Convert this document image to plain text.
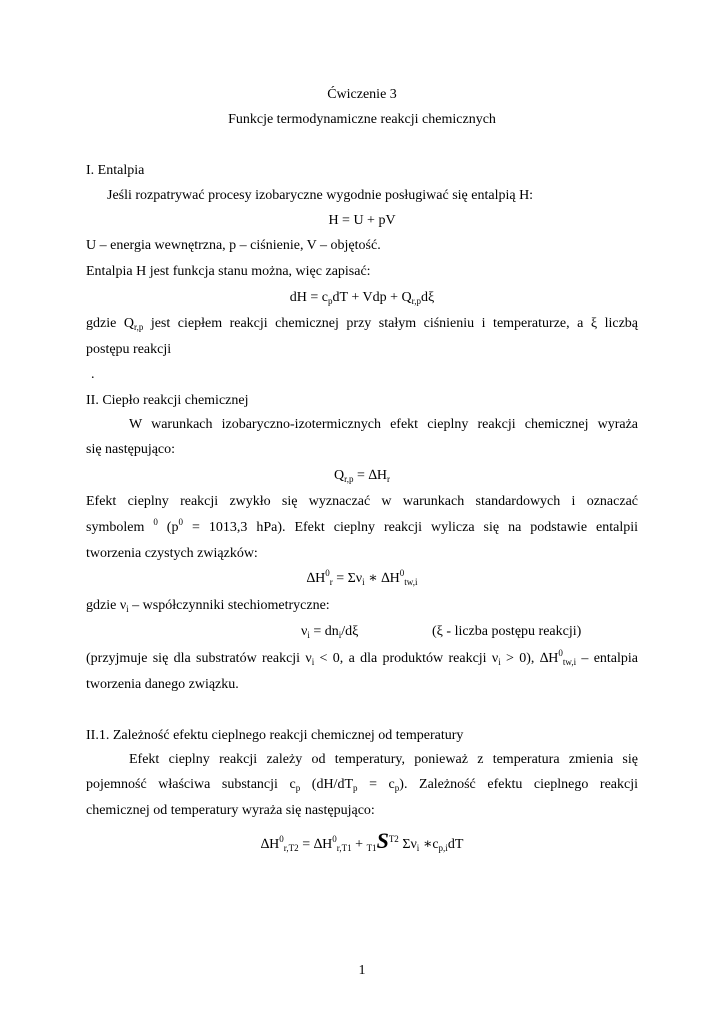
Ćwiczenie 3
Funkcje termodynamiczne reakcji chemicznych
I. Entalpia
Jeśli rozpatrywać procesy izobaryczne wygodnie posługiwać się entalpią H:
H = U + pV
U – energia wewnętrzna, p – ciśnienie, V – objętość.
Entalpia H jest funkcja stanu można, więc zapisać:
dH = $c_pdT$ + Vdp + $Q_{r,p}d\xi$
gdzie $Q_{r,p}$ jest ciepłem reakcji chemicznej przy stałym ciśnieniu i temperaturze, a ξ liczbą
postępu reakcji
.
II. Ciepło reakcji chemicznej
W warunkach izobaryczno-izotermicznych efekt cieplny reakcji chemicznej wyraża
się następująco:
$Q_{r,p} = \Delta H_r$
Efekt cieplny reakcji zwykło się wyznaczać w warunkach standardowych i oznaczać
symbolem $^0$ ($p^0 = 1013,3$ hPa). Efekt cieplny reakcji wylicza się na podstawie entalpii
tworzenia czystych związków:
$\Delta H^0_r = \Sigma\nu_i$ ∗ $\Delta H^0_{tw,i}$
gdzie $\nu_i$ – współczynniki stechiometryczne:
$\nu_i = dn_i/d\xi$	(ξ - liczba postępu reakcji)
(przyjmuje się dla substratów reakcji $\nu_i < 0$, a dla produktów reakcji $\nu_i > 0$), $\Delta H^0_{tw,i}$ – entalpia
tworzenia danego związku.
II.1. Zależność efektu cieplnego reakcji chemicznej od temperatury
Efekt cieplny reakcji zależy od temperatury, ponieważ z temperatura zmienia się
pojemność właściwa substancji $c_p$ $(dH/dT_p = c_p)$. Zależność efektu cieplnego reakcji
chemicznej od temperatury wyraża się następująco:
$\Delta H^0_{r,T2} = \Delta H^0_{r,T1} + _{T1}S^{T2}$ $\Sigma\nu_i$ $∗c_{p,i}dT$
1
